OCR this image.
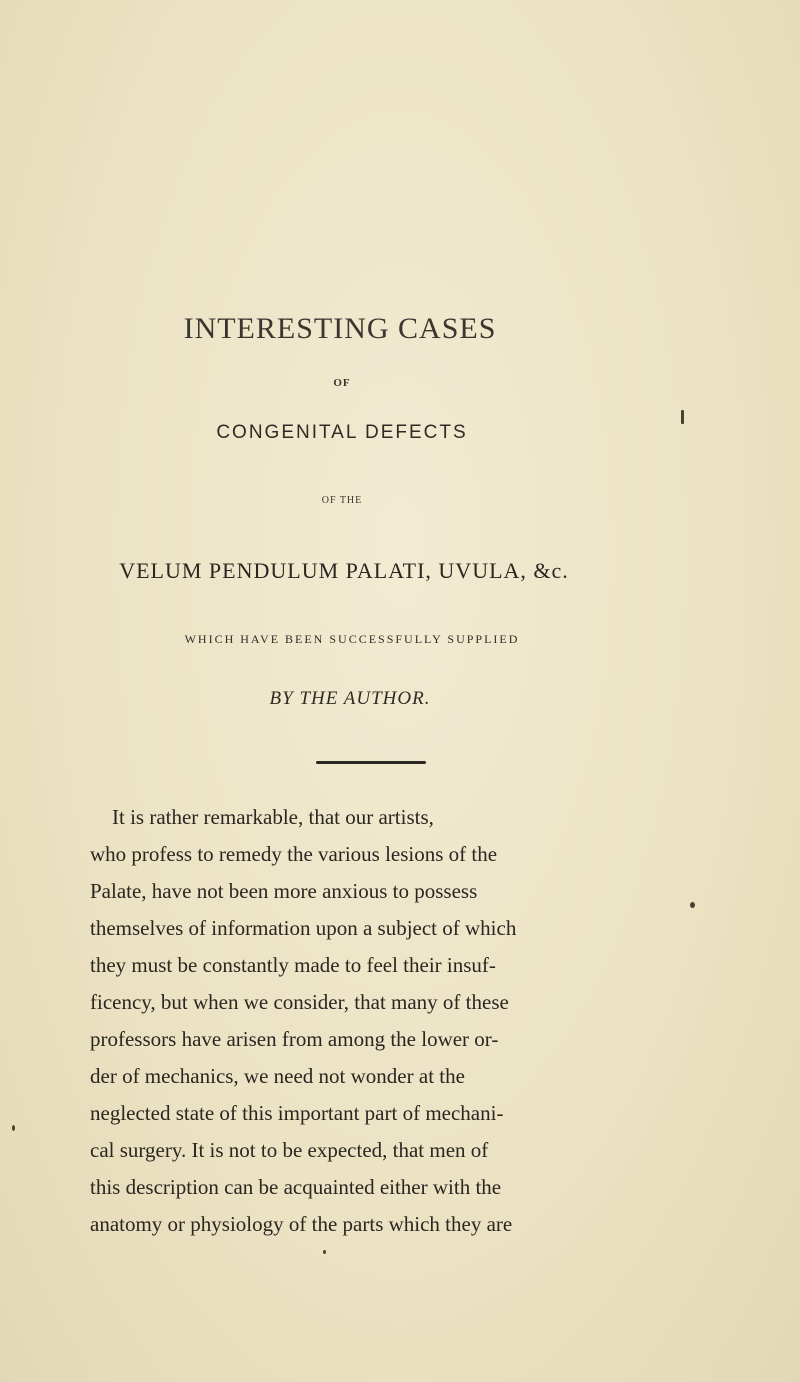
INTERESTING CASES
OF
CONGENITAL DEFECTS
OF THE
VELUM PENDULUM PALATI, UVULA, &c.
WHICH HAVE BEEN SUCCESSFULLY SUPPLIED
BY THE AUTHOR.
It is rather remarkable, that our artists,
who profess to remedy the various lesions of the
Palate, have not been more anxious to possess
themselves of information upon a subject of which
they must be constantly made to feel their insuf-
ficency, but when we consider, that many of these
professors have arisen from among the lower or-
der of mechanics, we need not wonder at the
neglected state of this important part of mechani-
cal surgery. It is not to be expected, that men of
this description can be acquainted either with the
anatomy or physiology of the parts which they are
